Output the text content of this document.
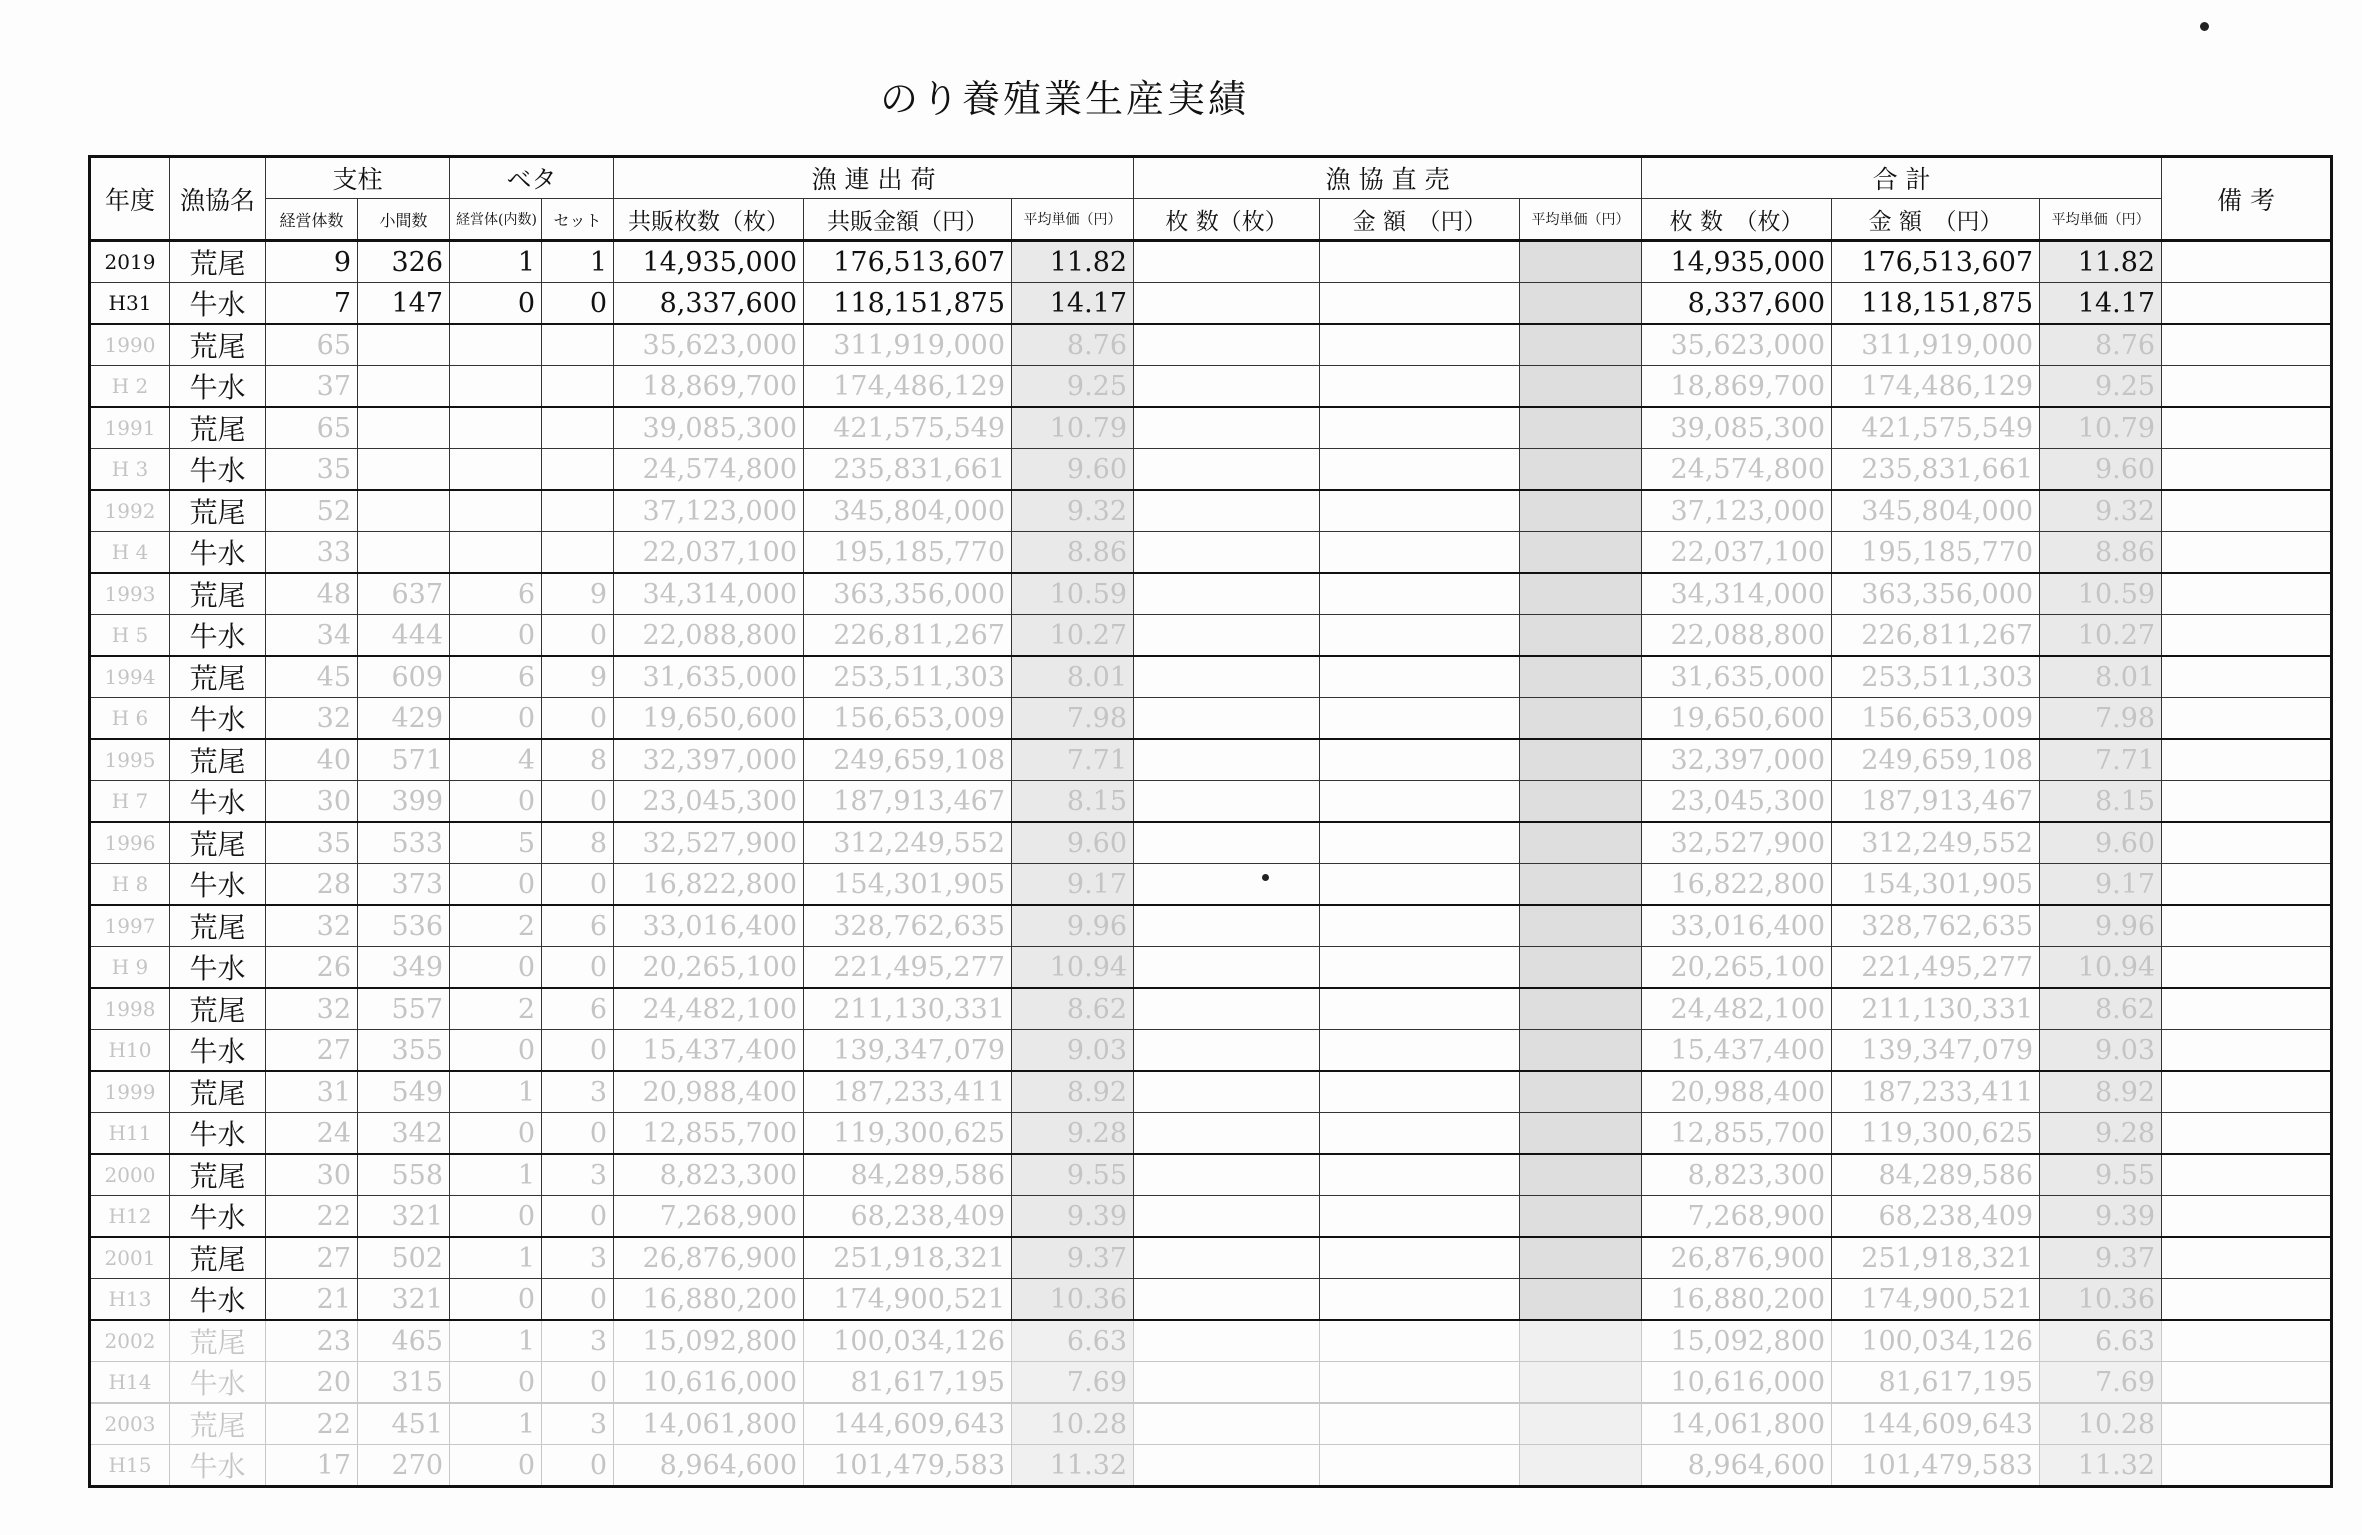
のり養殖業生産実績
年度	漁協名	支柱		ベタ		漁 連 出 荷			漁 協 直 売			合 計			備 考
		経営体数	小間数	経営体(内数)	セット	共販枚数（枚）	共販金額（円）	平均単価（円）	枚 数（枚）	金 額　（円）	平均単価（円）	枚 数　（枚）	金 額　（円）	平均単価（円）	
2019	荒尾	9	326	1	1	14,935,000	176,513,607	11.82				14,935,000	176,513,607	11.82	
H31	牛水	7	147	0	0	8,337,600	118,151,875	14.17				8,337,600	118,151,875	14.17	
1990	荒尾	65				35,623,000	311,919,000	8.76				35,623,000	311,919,000	8.76	
H 2	牛水	37				18,869,700	174,486,129	9.25				18,869,700	174,486,129	9.25	
1991	荒尾	65				39,085,300	421,575,549	10.79				39,085,300	421,575,549	10.79	
H 3	牛水	35				24,574,800	235,831,661	9.60				24,574,800	235,831,661	9.60	
1992	荒尾	52				37,123,000	345,804,000	9.32				37,123,000	345,804,000	9.32	
H 4	牛水	33				22,037,100	195,185,770	8.86				22,037,100	195,185,770	8.86	
1993	荒尾	48	637	6	9	34,314,000	363,356,000	10.59				34,314,000	363,356,000	10.59	
H 5	牛水	34	444	0	0	22,088,800	226,811,267	10.27				22,088,800	226,811,267	10.27	
1994	荒尾	45	609	6	9	31,635,000	253,511,303	8.01				31,635,000	253,511,303	8.01	
H 6	牛水	32	429	0	0	19,650,600	156,653,009	7.98				19,650,600	156,653,009	7.98	
1995	荒尾	40	571	4	8	32,397,000	249,659,108	7.71				32,397,000	249,659,108	7.71	
H 7	牛水	30	399	0	0	23,045,300	187,913,467	8.15				23,045,300	187,913,467	8.15	
1996	荒尾	35	533	5	8	32,527,900	312,249,552	9.60				32,527,900	312,249,552	9.60	
H 8	牛水	28	373	0	0	16,822,800	154,301,905	9.17				16,822,800	154,301,905	9.17	
1997	荒尾	32	536	2	6	33,016,400	328,762,635	9.96				33,016,400	328,762,635	9.96	
H 9	牛水	26	349	0	0	20,265,100	221,495,277	10.94				20,265,100	221,495,277	10.94	
1998	荒尾	32	557	2	6	24,482,100	211,130,331	8.62				24,482,100	211,130,331	8.62	
H10	牛水	27	355	0	0	15,437,400	139,347,079	9.03				15,437,400	139,347,079	9.03	
1999	荒尾	31	549	1	3	20,988,400	187,233,411	8.92				20,988,400	187,233,411	8.92	
H11	牛水	24	342	0	0	12,855,700	119,300,625	9.28				12,855,700	119,300,625	9.28	
2000	荒尾	30	558	1	3	8,823,300	84,289,586	9.55				8,823,300	84,289,586	9.55	
H12	牛水	22	321	0	0	7,268,900	68,238,409	9.39				7,268,900	68,238,409	9.39	
2001	荒尾	27	502	1	3	26,876,900	251,918,321	9.37				26,876,900	251,918,321	9.37	
H13	牛水	21	321	0	0	16,880,200	174,900,521	10.36				16,880,200	174,900,521	10.36	
2002	荒尾	23	465	1	3	15,092,800	100,034,126	6.63				15,092,800	100,034,126	6.63	
H14	牛水	20	315	0	0	10,616,000	81,617,195	7.69				10,616,000	81,617,195	7.69	
2003	荒尾	22	451	1	3	14,061,800	144,609,643	10.28				14,061,800	144,609,643	10.28	
H15	牛水	17	270	0	0	8,964,600	101,479,583	11.32				8,964,600	101,479,583	11.32	
